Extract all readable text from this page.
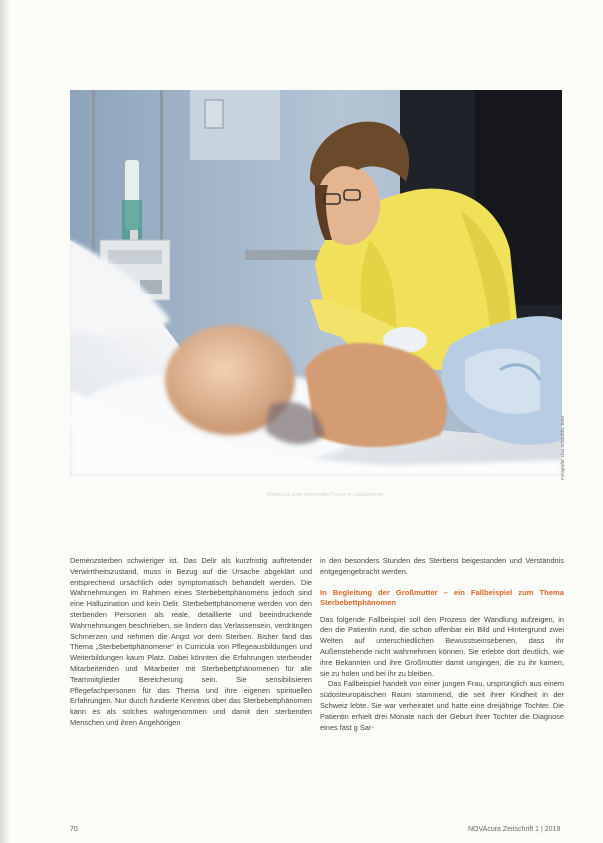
Fotografie: Lisa Schäublin, Bern
Begleitung einer sterbenden Person im Spitalzimmer

Demenzsterben schwieriger ist. Das Delir als kurzfristig auftretender Verwirrtheitszustand, muss in Bezug auf die Ursache abgeklärt und entsprechend ursächlich oder symptomatisch behandelt werden. Die Wahrnehmungen im Rahmen eines Sterbebettphänomens jedoch sind eine Halluzination und kein Delir. Sterbebettphänomene werden von den sterbenden Personen als reale, detaillierte und beeindruckende Wahrnehmungen beschrieben, sie lindern das Verlassensein, verdrängen Schmerzen und nehmen die Angst vor dem Sterben. Bisher fand das Thema „Sterbebettphänomene“ in Curricula von Pflegeausbildungen und Weiterbildungen kaum Platz. Dabei könnten die Erfahrungen sterbender Mitarbeitenden und Mitarbeiter mit Sterbebettphänomenen für alle Teammitglieder Bereicherung sein. Sie sensibilisieren Pflegefachpersonen für das Thema und ihre eigenen spirituellen Erfahrungen. Nur durch fundierte Kenntnis über das Sterbebettphänomen kann es als solches wahrgenommen und damit den sterbenden Menschen und ihren Angehörigen

in den besonders Stunden des Sterbens beigestanden und Verständnis entgegengebracht werden.

In Begleitung der Großmutter – ein Fallbeispiel zum Thema Sterbebettphänomen

Das folgende Fallbeispiel soll den Prozess der Wandlung aufzeigen, in den die Patientin rund, die schon offenbar ein Bild und Hintergrund zwei Welten auf unterschiedlichen Bewusstseinsebenen, dass ihr Außenstehende nicht wahrnehmen können. Sie erlebte dort deutlich, wie ihre Bekannten und ihre Großmutter damit umgingen, die zu ihr kamen, sie zu holen und bei ihr zu bleiben.

Das Fallbeispiel handelt von einer jungen Frau, ursprünglich aus einem südosteuropäischen Raum stammend, die seit ihrer Kindheit in der Schweiz lebte. Sie war verheiratet und hatte eine dreijährige Tochter. Die Patientin erhielt drei Monate nach der Geburt ihrer Tochter die Diagnose eines fast g Sar-

70	NOVAcura Zeitschrift 1 | 2019
